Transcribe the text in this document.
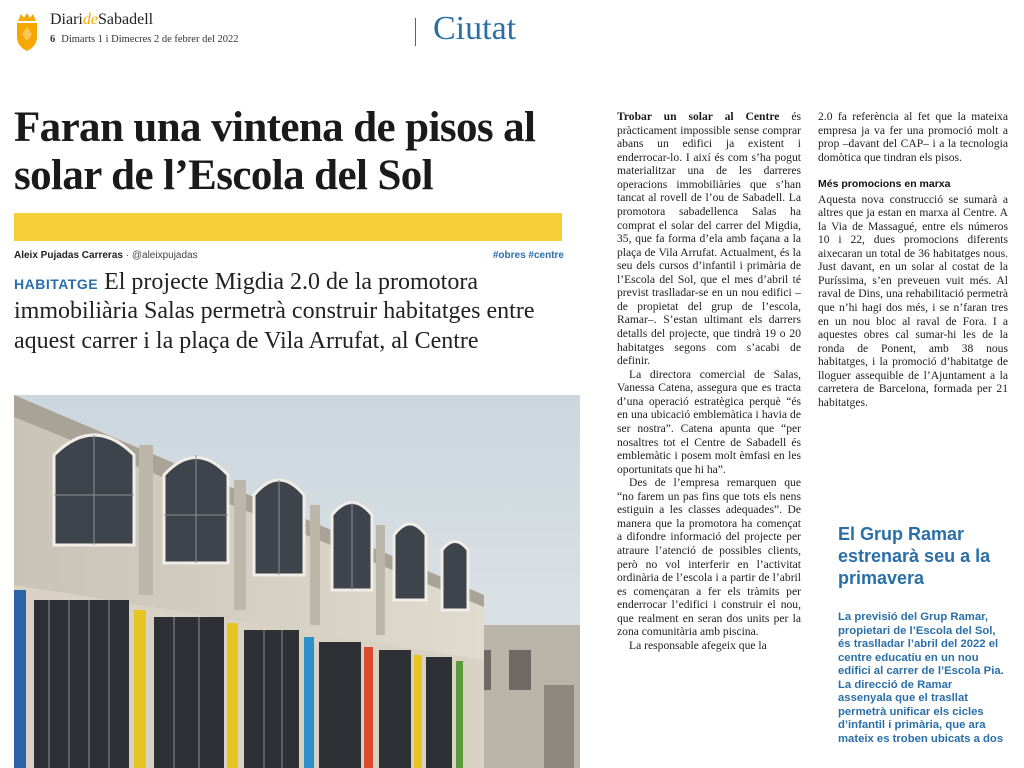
DiarideSabadell
6 Dimarts 1 i Dimecres 2 de febrer del 2022	Ciutat
Faran una vintena de pisos al solar de l’Escola del Sol
Aleix Pujadas Carreras · @aleixpujadas	#obres #centre
HABITATGE El projecte Migdia 2.0 de la promotora immobiliària Salas permetrà construir habitatges entre aquest carrer i la plaça de Vila Arrufat, al Centre

Trobar un solar al Centre és pràcticament impossible sense comprar abans un edifici ja existent i enderrocar-lo. I així és com s’ha pogut materialitzar una de les darreres operacions immobiliàries que s’han tancat al rovell de l’ou de Sabadell. La promotora sabadellenca Salas ha comprat el solar del carrer del Migdia, 35, que fa forma d’ela amb façana a la plaça de Vila Arrufat. Actualment, és la seu dels cursos d’infantil i primària de l’Escola del Sol, que el mes d’abril té previst traslladar-se en un nou edifici –de propietat del grup de l’escola, Ramar–. S’estan ultimant els darrers detalls del projecte, que tindrà 19 o 20 habitatges segons com s’acabi de definir.

La directora comercial de Salas, Vanessa Catena, assegura que es tracta d’una operació estratègica perquè “és en una ubicació emblemàtica i havia de ser nostra”. Catena apunta que “per nosaltres tot el Centre de Sabadell és emblemàtic i posem molt èmfasi en les oportunitats que hi ha”.

Des de l’empresa remarquen que “no farem un pas fins que tots els nens estiguin a les classes adequades”. De manera que la promotora ha començat a difondre informació del projecte per atraure l’atenció de possibles clients, però no vol interferir en l’activitat ordinària de l’escola i a partir de l’abril es començaran a fer els tràmits per enderrocar l’edifici i construir el nou, que realment en seran dos units per la zona comunitària amb piscina.

La responsable afegeix que la

2.0 fa referència al fet que la mateixa empresa ja va fer una promoció molt a prop –davant del CAP– i a la tecnologia domòtica que tindran els pisos.

Més promocions en marxa

Aquesta nova construcció se sumarà a altres que ja estan en marxa al Centre. A la Via de Massagué, entre els números 10 i 22, dues promocions diferents aixecaran un total de 36 habitatges nous. Just davant, en un solar al costat de la Puríssima, s’en preveuen vuit més. Al raval de Dins, una rehabilitació permetrà que n’hi hagi dos més, i se n’faran tres en un nou bloc al raval de Fora. I a aquestes obres cal sumar-hi les de la ronda de Ponent, amb 38 nous habitatges, i la promoció d’habitatge de lloguer assequible de l’Ajuntament a la carretera de Barcelona, formada per 21 habitatges.

El Grup Ramar estrenarà seu a la primavera
La previsió del Grup Ramar, propietari de l’Escola del Sol, és traslladar l’abril del 2022 el centre educatiu en un nou edifici al carrer de l’Escola Pia. La direcció de Ramar assenyala que el trasllat permetrà unificar els cicles d’infantil i primària, que ara mateix es troben ubicats a dos
